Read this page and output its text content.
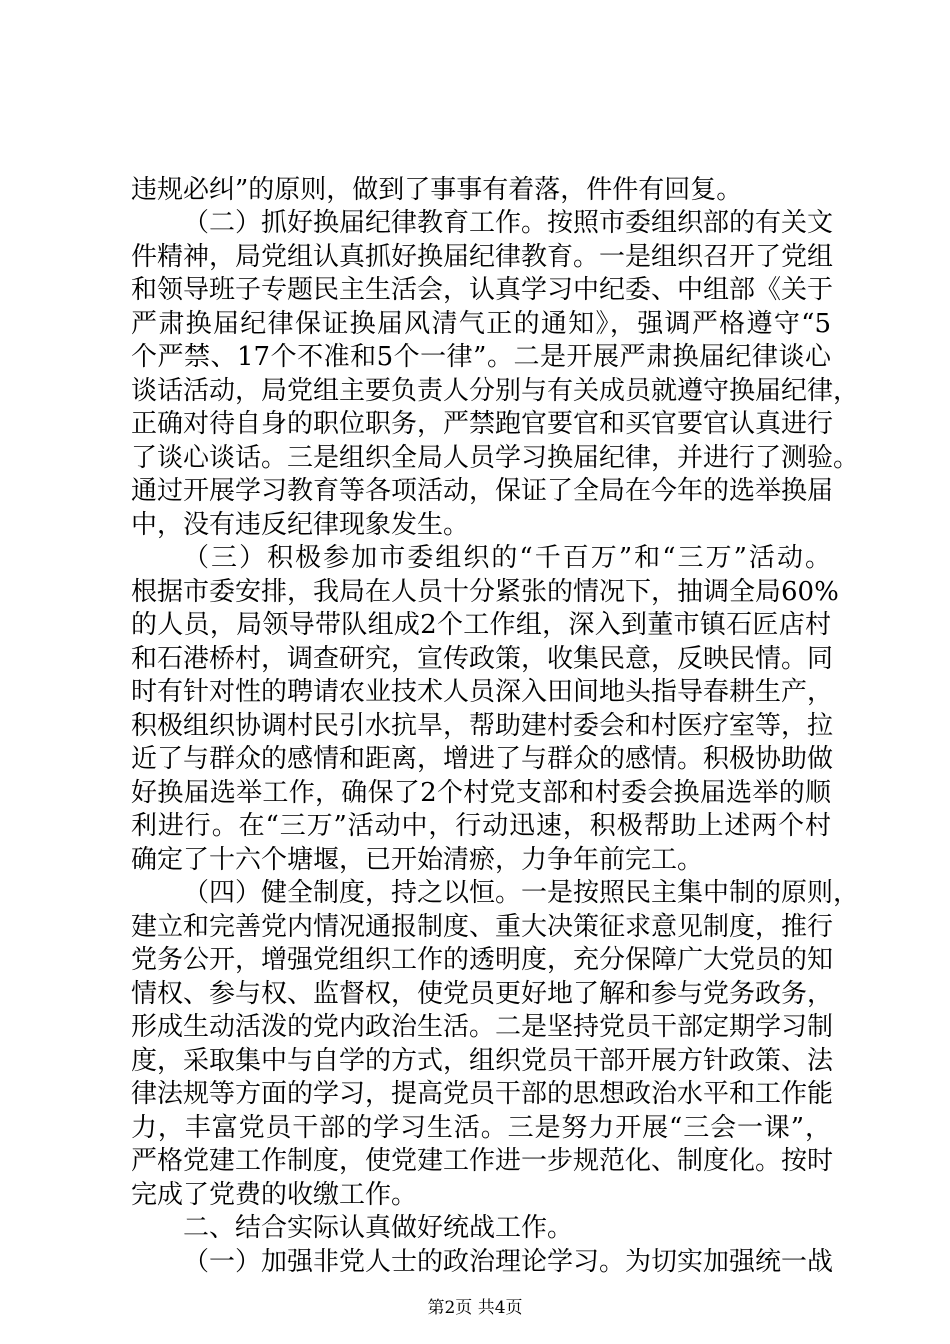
违规必纠”的原则，做到了事事有着落，件件有回复。
（二）抓好换届纪律教育工作。按照市委组织部的有关文
件精神，局党组认真抓好换届纪律教育。一是组织召开了党组
和领导班子专题民主生活会，认真学习中纪委、中组部《关于
严肃换届纪律保证换届风清气正的通知》，强调严格遵守“5
个严禁、17个不准和5个一律”。二是开展严肃换届纪律谈心
谈话活动，局党组主要负责人分别与有关成员就遵守换届纪律，
正确对待自身的职位职务，严禁跑官要官和买官要官认真进行
了谈心谈话。三是组织全局人员学习换届纪律，并进行了测验。
通过开展学习教育等各项活动，保证了全局在今年的选举换届
中，没有违反纪律现象发生。
（三）积极参加市委组织的“千百万”和“三万”活动。
根据市委安排，我局在人员十分紧张的情况下，抽调全局60%
的人员，局领导带队组成2个工作组，深入到董市镇石匠店村
和石港桥村，调查研究，宣传政策，收集民意，反映民情。同
时有针对性的聘请农业技术人员深入田间地头指导春耕生产，
积极组织协调村民引水抗旱，帮助建村委会和村医疗室等，拉
近了与群众的感情和距离，增进了与群众的感情。积极协助做
好换届选举工作，确保了2个村党支部和村委会换届选举的顺
利进行。在“三万”活动中，行动迅速，积极帮助上述两个村
确定了十六个塘堰，已开始清瘀，力争年前完工。
（四）健全制度，持之以恒。一是按照民主集中制的原则，
建立和完善党内情况通报制度、重大决策征求意见制度，推行
党务公开，增强党组织工作的透明度，充分保障广大党员的知
情权、参与权、监督权，使党员更好地了解和参与党务政务，
形成生动活泼的党内政治生活。二是坚持党员干部定期学习制
度，采取集中与自学的方式，组织党员干部开展方针政策、法
律法规等方面的学习，提高党员干部的思想政治水平和工作能
力，丰富党员干部的学习生活。三是努力开展“三会一课”，
严格党建工作制度，使党建工作进一步规范化、制度化。按时
完成了党费的收缴工作。
二、结合实际认真做好统战工作。
（一）加强非党人士的政治理论学习。为切实加强统一战
第2页 共4页
